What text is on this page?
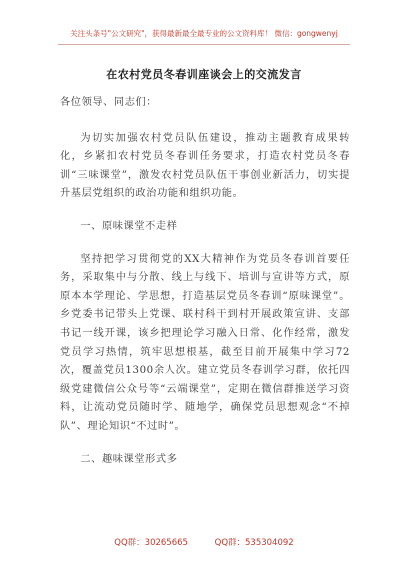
关注头条号"公文研究"，获得最新最全最专业的公文资料库！ 微信：gongwenyj
在农村党员冬春训座谈会上的交流发言

各位领导、同志们：

为切实加强农村党员队伍建设，推动主题教育成果转化，乡紧扣农村党员冬春训任务要求，打造农村党员冬春训“三味课堂”，激发农村党员队伍干事创业新活力，切实提升基层党组织的政治功能和组织功能。

一、原味课堂不走样

坚持把学习贯彻党的XX大精神作为党员冬春训首要任务，采取集中与分散、线上与线下、培训与宣讲等方式，原原本本学理论、学思想，打造基层党员冬春训“原味课堂”。乡党委书记带头上党课、联村科干到村开展政策宣讲、支部书记一线开课，该乡把理论学习融入日常、化作经常，激发党员学习热情，筑牢思想根基，截至目前开展集中学习72次，覆盖党员1300余人次。建立党员冬春训学习群，依托四级党建微信公众号等“云端课堂”，定期在微信群推送学习资料，让流动党员随时学、随地学，确保党员思想观念“不掉队”、理论知识“不过时”。

二、趣味课堂形式多

QQ群：30265665	QQ群：535304092
